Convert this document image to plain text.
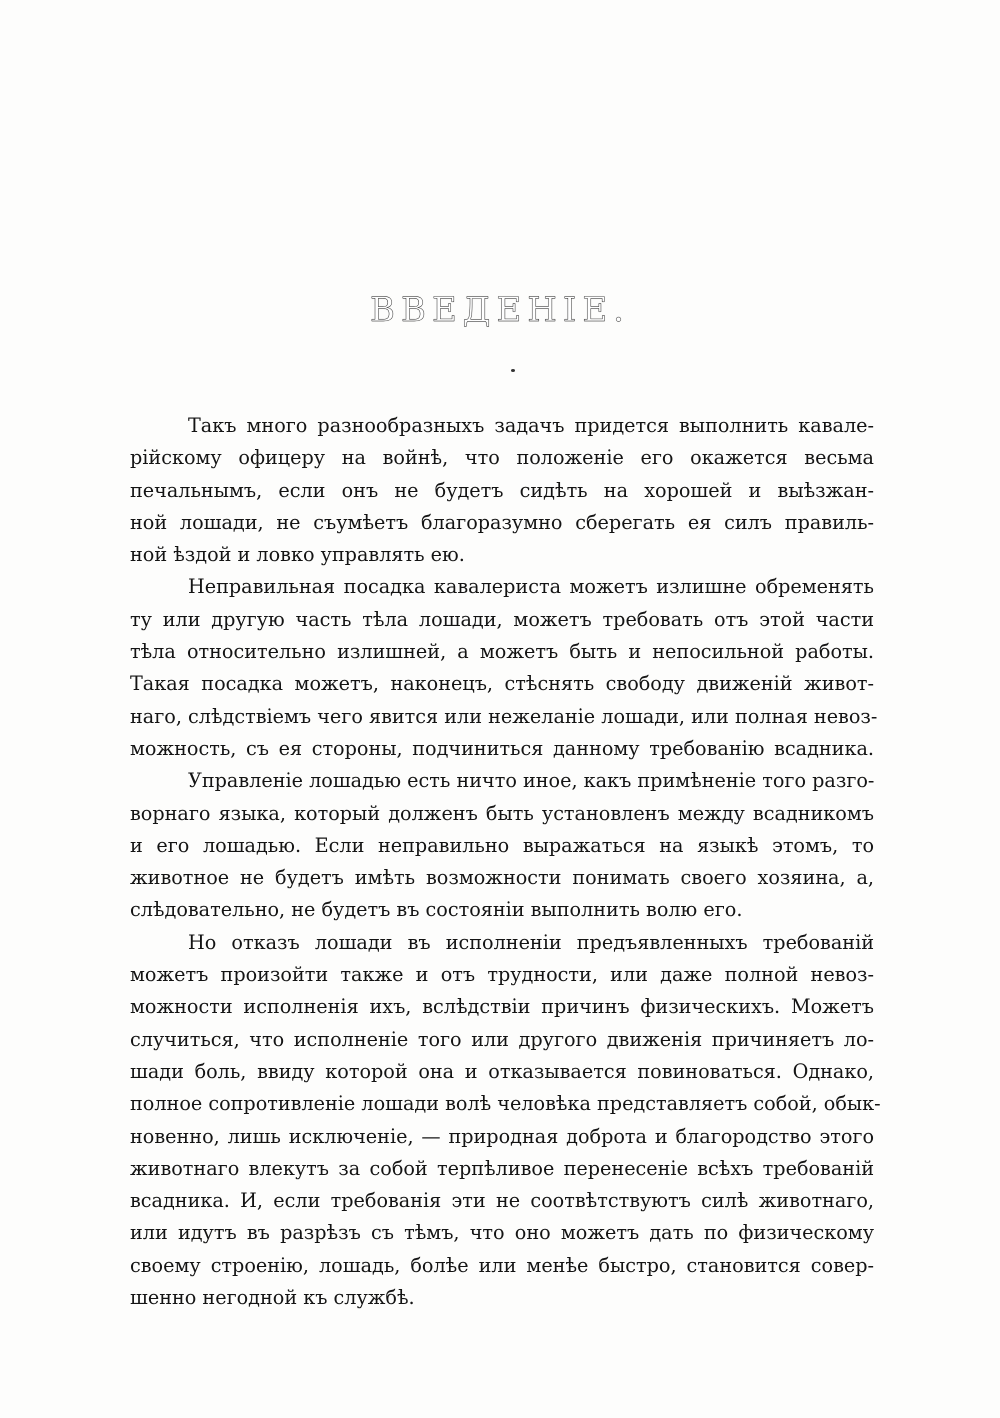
ВВЕДЕНІЕ.
Такъ много разнообразныхъ задачъ придется выполнить кавале-
рійскому офицеру на войнѣ, что положеніе его окажется весьма
печальнымъ, если онъ не будетъ сидѣть на хорошей и выѣзжан-
ной лошади, не съумѣетъ благоразумно сберегать ея силъ правиль-
ной ѣздой и ловко управлять ею.
Неправильная посадка кавалериста можетъ излишне обременять
ту или другую часть тѣла лошади, можетъ требовать отъ этой части
тѣла относительно излишней, а можетъ быть и непосильной работы.
Такая посадка можетъ, наконецъ, стѣснять свободу движеній живот-
наго, слѣдствіемъ чего явится или нежеланіе лошади, или полная невоз-
можность, съ ея стороны, подчиниться данному требованію всадника.
Управленіе лошадью есть ничто иное, какъ примѣненіе того разго-
ворнаго языка, который долженъ быть установленъ между всадникомъ
и его лошадью. Если неправильно выражаться на языкѣ этомъ, то
животное не будетъ имѣть возможности понимать своего хозяина, а,
слѣдовательно, не будетъ въ состояніи выполнить волю его.
Но отказъ лошади въ исполненіи предъявленныхъ требованій
можетъ произойти также и отъ трудности, или даже полной невоз-
можности исполненія ихъ, вслѣдствіи причинъ физическихъ. Можетъ
случиться, что исполненіе того или другого движенія причиняетъ ло-
шади боль, ввиду которой она и отказывается повиноваться. Однако,
полное сопротивленіе лошади волѣ человѣка представляетъ собой, обык-
новенно, лишь исключеніе, — природная доброта и благородство этого
животнаго влекутъ за собой терпѣливое перенесеніе всѣхъ требованій
всадника. И, если требованія эти не соотвѣтствуютъ силѣ животнаго,
или идутъ въ разрѣзъ съ тѣмъ, что оно можетъ дать по физическому
своему строенію, лошадь, болѣе или менѣе быстро, становится совер-
шенно негодной къ службѣ.
